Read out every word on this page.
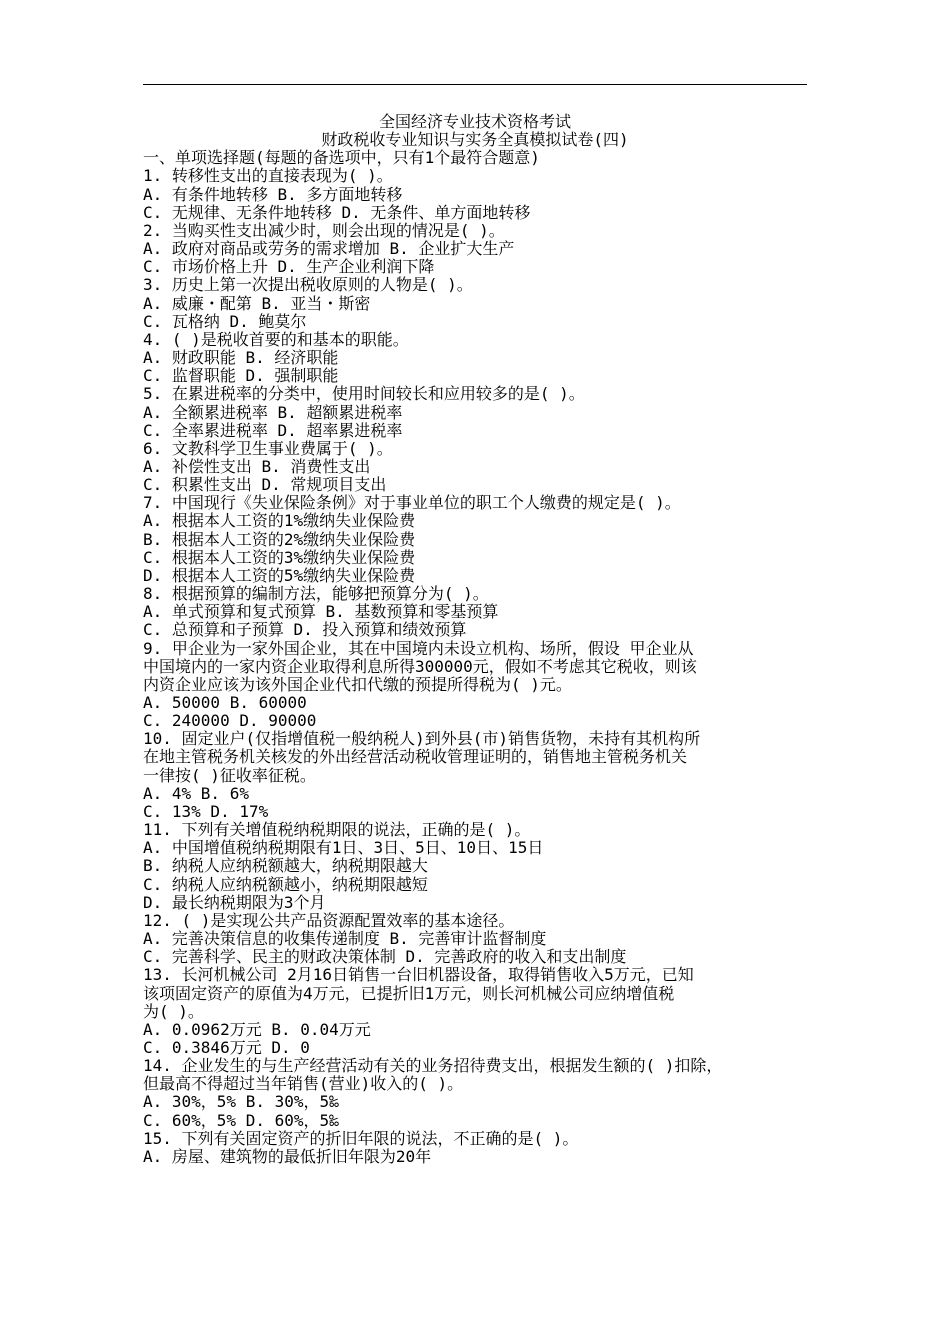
全国经济专业技术资格考试
财政税收专业知识与实务全真模拟试卷(四)
一、单项选择题(每题的备选项中，只有1个最符合题意)
1. 转移性支出的直接表现为( )。
A. 有条件地转移 B. 多方面地转移
C. 无规律、无条件地转移 D. 无条件、单方面地转移
2. 当购买性支出减少时，则会出现的情况是( )。
A. 政府对商品或劳务的需求增加 B. 企业扩大生产
C. 市场价格上升 D. 生产企业利润下降
3. 历史上第一次提出税收原则的人物是( )。
A. 威廉・配第 B. 亚当・斯密
C. 瓦格纳 D. 鲍莫尔
4. ( )是税收首要的和基本的职能。
A. 财政职能 B. 经济职能
C. 监督职能 D. 强制职能
5. 在累进税率的分类中，使用时间较长和应用较多的是( )。
A. 全额累进税率 B. 超额累进税率
C. 全率累进税率 D. 超率累进税率
6. 文教科学卫生事业费属于( )。
A. 补偿性支出 B. 消费性支出
C. 积累性支出 D. 常规项目支出
7. 中国现行《失业保险条例》对于事业单位的职工个人缴费的规定是( )。
A. 根据本人工资的1%缴纳失业保险费
B. 根据本人工资的2%缴纳失业保险费
C. 根据本人工资的3%缴纳失业保险费
D. 根据本人工资的5%缴纳失业保险费
8. 根据预算的编制方法，能够把预算分为( )。
A. 单式预算和复式预算 B. 基数预算和零基预算
C. 总预算和子预算 D. 投入预算和绩效预算
9. 甲企业为一家外国企业，其在中国境内未设立机构、场所，假设 甲企业从
中国境内的一家内资企业取得利息所得300000元，假如不考虑其它税收，则该
内资企业应该为该外国企业代扣代缴的预提所得税为( )元。
A. 50000 B. 60000
C. 240000 D. 90000
10. 固定业户(仅指增值税一般纳税人)到外县(市)销售货物，未持有其机构所
在地主管税务机关核发的外出经营活动税收管理证明的，销售地主管税务机关
一律按( )征收率征税。
A. 4% B. 6%
C. 13% D. 17%
11. 下列有关增值税纳税期限的说法，正确的是( )。
A. 中国增值税纳税期限有1日、3日、5日、10日、15日
B. 纳税人应纳税额越大，纳税期限越大
C. 纳税人应纳税额越小，纳税期限越短
D. 最长纳税期限为3个月
12. ( )是实现公共产品资源配置效率的基本途径。
A. 完善决策信息的收集传递制度 B. 完善审计监督制度
C. 完善科学、民主的财政决策体制 D. 完善政府的收入和支出制度
13. 长河机械公司 2月16日销售一台旧机器设备，取得销售收入5万元，已知
该项固定资产的原值为4万元，已提折旧1万元，则长河机械公司应纳增值税
为( )。
A. 0.0962万元 B. 0.04万元
C. 0.3846万元 D. 0
14. 企业发生的与生产经营活动有关的业务招待费支出，根据发生额的( )扣除，
但最高不得超过当年销售(营业)收入的( )。
A. 30%，5% B. 30%，5‰
C. 60%，5% D. 60%，5‰
15. 下列有关固定资产的折旧年限的说法，不正确的是( )。
A. 房屋、建筑物的最低折旧年限为20年
